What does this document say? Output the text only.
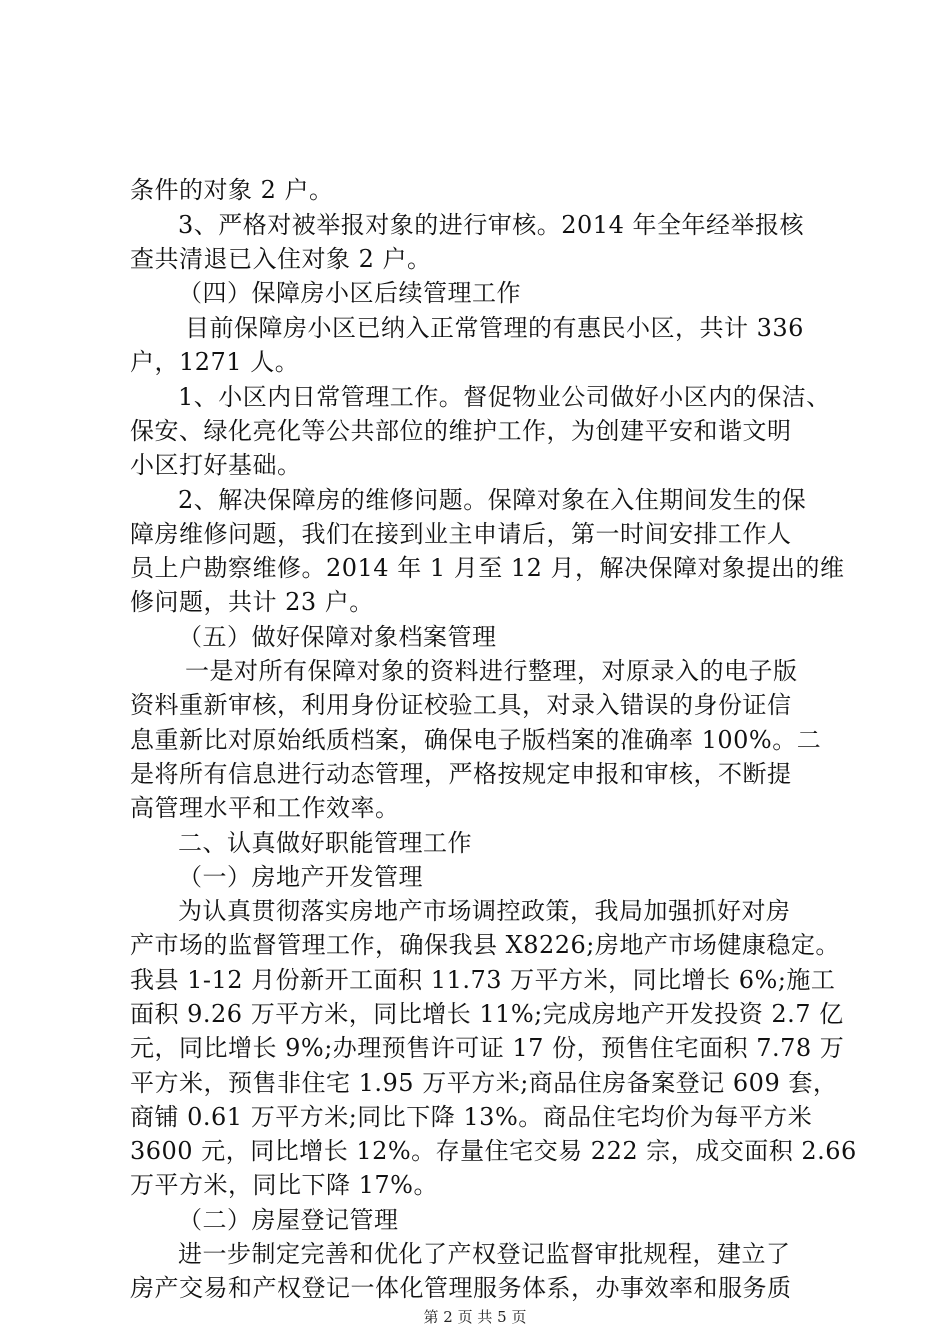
条件的对象 2 户。
3、严格对被举报对象的进行审核。2014 年全年经举报核
查共清退已入住对象 2 户。
（四）保障房小区后续管理工作
目前保障房小区已纳入正常管理的有惠民小区，共计 336
户，1271 人。
1、小区内日常管理工作。督促物业公司做好小区内的保洁、
保安、绿化亮化等公共部位的维护工作，为创建平安和谐文明
小区打好基础。
2、解决保障房的维修问题。保障对象在入住期间发生的保
障房维修问题，我们在接到业主申请后，第一时间安排工作人
员上户勘察维修。2014 年 1 月至 12 月，解决保障对象提出的维
修问题，共计 23 户。
（五）做好保障对象档案管理
一是对所有保障对象的资料进行整理，对原录入的电子版
资料重新审核，利用身份证校验工具，对录入错误的身份证信
息重新比对原始纸质档案，确保电子版档案的准确率 100%。二
是将所有信息进行动态管理，严格按规定申报和审核，不断提
高管理水平和工作效率。
二、认真做好职能管理工作
（一）房地产开发管理
为认真贯彻落实房地产市场调控政策，我局加强抓好对房
产市场的监督管理工作，确保我县 X8226;房地产市场健康稳定。
我县 1-12 月份新开工面积 11.73 万平方米，同比增长 6%;施工
面积 9.26 万平方米，同比增长 11%;完成房地产开发投资 2.7 亿
元，同比增长 9%;办理预售许可证 17 份，预售住宅面积 7.78 万
平方米，预售非住宅 1.95 万平方米;商品住房备案登记 609 套，
商铺 0.61 万平方米;同比下降 13%。商品住宅均价为每平方米
3600 元，同比增长 12%。存量住宅交易 222 宗，成交面积 2.66
万平方米，同比下降 17%。
（二）房屋登记管理
进一步制定完善和优化了产权登记监督审批规程，建立了
房产交易和产权登记一体化管理服务体系，办事效率和服务质
第 2 页 共 5 页
